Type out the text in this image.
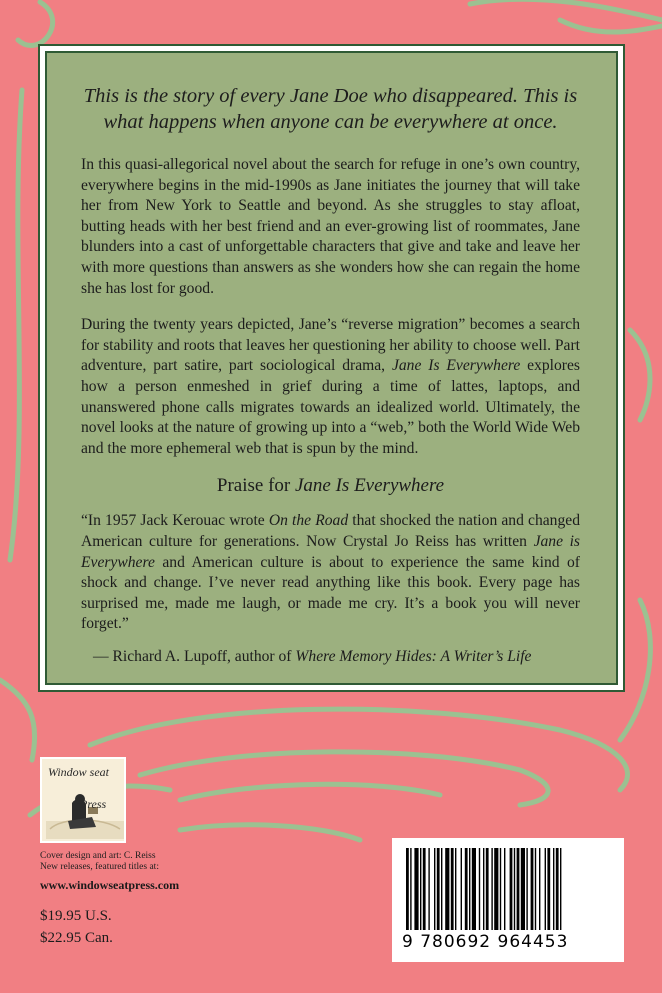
This is the story of every Jane Doe who disappeared. This is
what happens when anyone can be everywhere at once.

In this quasi-allegorical novel about the search for refuge in one’s own country, everywhere begins in the mid-1990s as Jane initiates the journey that will take her from New York to Seattle and beyond. As she struggles to stay afloat, butting heads with her best friend and an ever-growing list of roommates, Jane blunders into a cast of unforgettable characters that give and take and leave her with more questions than answers as she wonders how she can regain the home she has lost for good.

During the twenty years depicted, Jane’s “reverse migration” becomes a search for stability and roots that leaves her questioning her ability to choose well. Part adventure, part satire, part sociological drama, Jane Is Everywhere explores how a person enmeshed in grief during a time of lattes, laptops, and unanswered phone calls migrates towards an idealized world. Ultimately, the novel looks at the nature of growing up into a “web,” both the World Wide Web and the more ephemeral web that is spun by the mind.

Praise for Jane Is Everywhere

“In 1957 Jack Kerouac wrote On the Road that shocked the nation and changed American culture for generations. Now Crystal Jo Reiss has written Jane is Everywhere and American culture is about to experience the same kind of shock and change. I’ve never read anything like this book. Every page has surprised me, made me laugh, or made me cry. It’s a book you will never forget.”

— Richard A. Lupoff, author of Where Memory Hides: A Writer’s Life

Window seat
Press
Cover design and art: C. Reiss
New releases, featured titles at:
www.windowseatpress.com
$19.95 U.S.
$22.95 Can.	9 780692 964453
